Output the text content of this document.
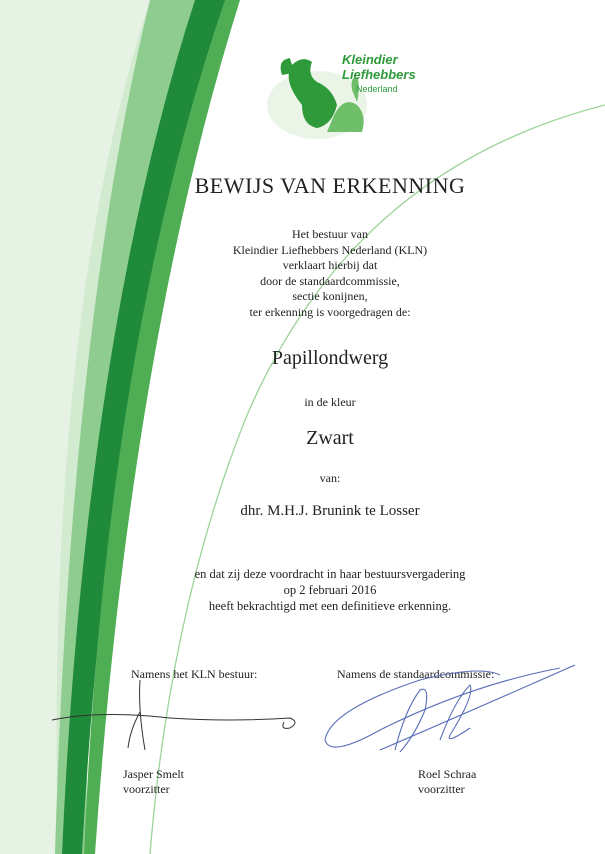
Kleindier
Liefhebbers
Nederland
BEWIJS VAN ERKENNING
Het bestuur van
Kleindier Liefhebbers Nederland (KLN)
verklaart hierbij dat
door de standaardcommissie,
sectie konijnen,
ter erkenning is voorgedragen de:
Papillondwerg
in de kleur
Zwart
van:
dhr. M.H.J. Brunink te Losser
en dat zij deze voordracht in haar bestuursvergadering
op 2 februari 2016
heeft bekrachtigd met een definitieve erkenning.
Namens het KLN bestuur:	Namens de standaardcommissie:
Jasper Smelt
voorzitter
Roel Schraa
voorzitter
